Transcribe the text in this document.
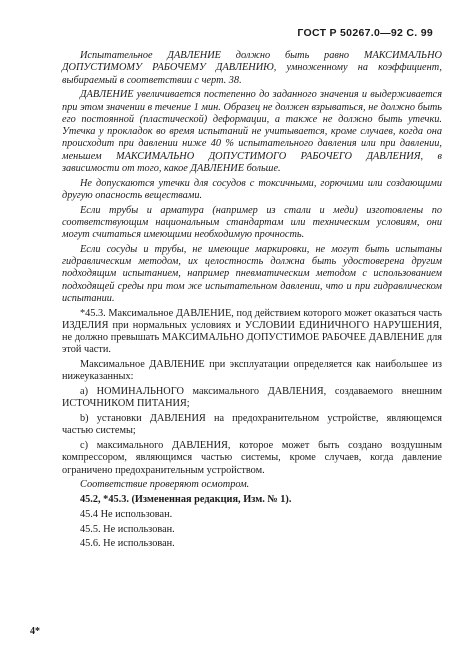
ГОСТ Р 50267.0—92 С. 99

Испытательное ДАВЛЕНИЕ должно быть равно МАКСИМАЛЬНО ДОПУСТИМОМУ РАБОЧЕМУ ДАВЛЕНИЮ, умноженному на коэффициент, выбираемый в соответствии с черт. 38.

ДАВЛЕНИЕ увеличивается постепенно до заданного значения и выдерживается при этом значении в течение 1 мин. Образец не должен взрываться, не должно быть его постоянной (пластической) деформации, а также не должно быть утечки. Утечка у прокладок во время испытаний не учитывается, кроме случаев, когда она происходит при давлении ниже 40 % испытательного давления или при давлении, меньшем МАКСИМАЛЬНО ДОПУСТИМОГО РАБОЧЕГО ДАВЛЕНИЯ, в зависимости от того, какое ДАВЛЕНИЕ больше.

Не допускаются утечки для сосудов с токсичными, горючими или создающими другую опасность веществами.

Если трубы и арматура (например из стали и меди) изготовлены по соответствующим национальным стандартам или техническим условиям, они могут считаться имеющими необходимую прочность.

Если сосуды и трубы, не имеющие маркировки, не могут быть испытаны гидравлическим методом, их целостность должна быть удостоверена другим подходящим испытанием, например пневматическим методом с использованием подходящей среды при том же испытательном давлении, что и при гидравлическом испытании.

*45.3. Максимальное ДАВЛЕНИЕ, под действием которого может оказаться часть ИЗДЕЛИЯ при нормальных условиях и УСЛОВИИ ЕДИНИЧНОГО НАРУШЕНИЯ, не должно превышать МАКСИМАЛЬНО ДОПУСТИМОЕ РАБОЧЕЕ ДАВЛЕНИЕ для этой части.

Максимальное ДАВЛЕНИЕ при эксплуатации определяется как наибольшее из нижеуказанных:

a) НОМИНАЛЬНОГО максимального ДАВЛЕНИЯ, создаваемого внешним ИСТОЧНИКОМ ПИТАНИЯ;

b) установки ДАВЛЕНИЯ на предохранительном устройстве, являющемся частью системы;

c) максимального ДАВЛЕНИЯ, которое может быть создано воздушным компрессором, являющимся частью системы, кроме случаев, когда давление ограничено предохранительным устройством.

Соответствие проверяют осмотром.

45.2, *45.3. (Измененная редакция, Изм. № 1).

45.4 Не использован.

45.5. Не использован.

45.6. Не использован.

4*
